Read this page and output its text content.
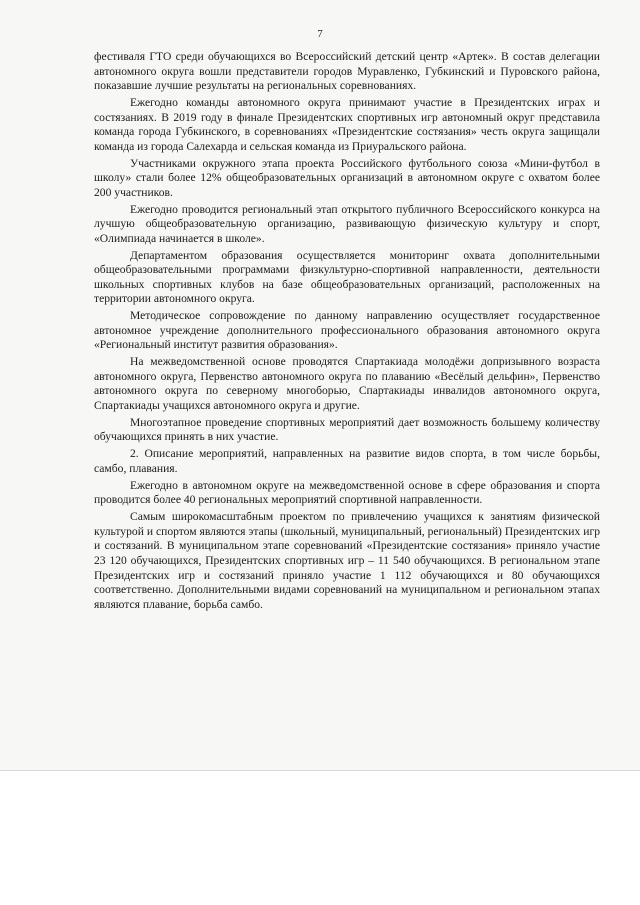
7

фестиваля ГТО среди обучающихся во Всероссийский детский центр «Артек». В состав делегации автономного округа вошли представители городов Муравленко, Губкинский и Пуровского района, показавшие лучшие результаты на региональных соревнованиях.

Ежегодно команды автономного округа принимают участие в Президентских играх и состязаниях. В 2019 году в финале Президентских спортивных игр автономный округ представила команда города Губкинского, в соревнованиях «Президентские состязания» честь округа защищали команда из города Салехарда и сельская команда из Приуральского района.

Участниками окружного этапа проекта Российского футбольного союза «Мини-футбол в школу» стали более 12% общеобразовательных организаций в автономном округе с охватом более 200 участников.

Ежегодно проводится региональный этап открытого публичного Всероссийского конкурса на лучшую общеобразовательную организацию, развивающую физическую культуру и спорт, «Олимпиада начинается в школе».

Департаментом образования осуществляется мониторинг охвата дополнительными общеобразовательными программами физкультурно-спортивной направленности, деятельности школьных спортивных клубов на базе общеобразовательных организаций, расположенных на территории автономного округа.

Методическое сопровождение по данному направлению осуществляет государственное автономное учреждение дополнительного профессионального образования автономного округа «Региональный институт развития образования».

На межведомственной основе проводятся Спартакиада молодёжи допризывного возраста автономного округа, Первенство автономного округа по плаванию «Весёлый дельфин», Первенство автономного округа по северному многоборью, Спартакиады инвалидов автономного округа, Спартакиады учащихся автономного округа и другие.

Многоэтапное проведение спортивных мероприятий дает возможность большему количеству обучающихся принять в них участие.

2. Описание мероприятий, направленных на развитие видов спорта, в том числе борьбы, самбо, плавания.

Ежегодно в автономном округе на межведомственной основе в сфере образования и спорта проводится более 40 региональных мероприятий спортивной направленности.

Самым широкомасштабным проектом по привлечению учащихся к занятиям физической культурой и спортом являются этапы (школьный, муниципальный, региональный) Президентских игр и состязаний. В муниципальном этапе соревнований «Президентские состязания» приняло участие 23 120 обучающихся, Президентских спортивных игр – 11 540 обучающихся. В региональном этапе Президентских игр и состязаний приняло участие 1 112 обучающихся и 80 обучающихся соответственно. Дополнительными видами соревнований на муниципальном и региональном этапах являются плавание, борьба самбо.
